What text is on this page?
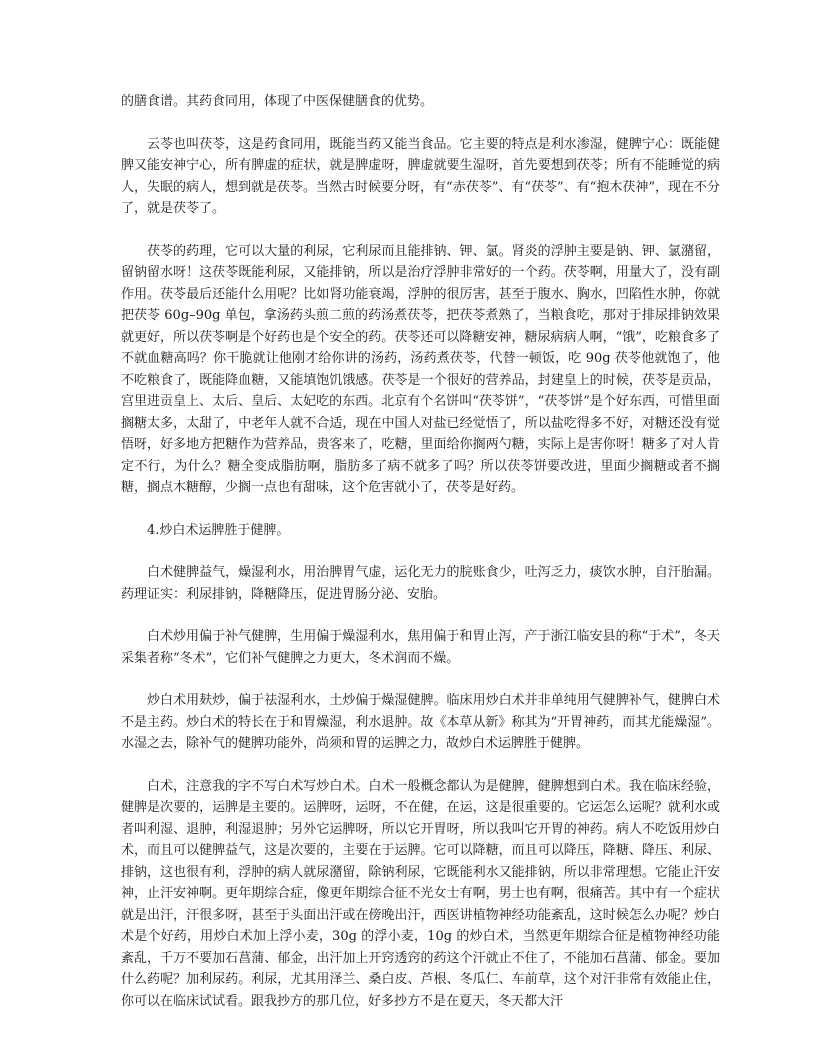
的膳食谱。其药食同用，体现了中医保健膳食的优势。

云苓也叫茯苓，这是药食同用，既能当药又能当食品。它主要的特点是利水渗湿，健脾宁心：既能健脾又能安神宁心，所有脾虚的症状，就是脾虚呀，脾虚就要生湿呀，首先要想到茯苓；所有不能睡觉的病人，失眠的病人，想到就是茯苓。当然古时候要分呀，有“赤茯苓”、有“茯苓”、有“抱木茯神”，现在不分了，就是茯苓了。

茯苓的药理，它可以大量的利尿，它利尿而且能排钠、钾、氯。肾炎的浮肿主要是钠、钾、氯潴留，留钠留水呀！这茯苓既能利尿，又能排钠，所以是治疗浮肿非常好的一个药。茯苓啊，用量大了，没有副作用。茯苓最后还能什么用呢？比如肾功能衰竭，浮肿的很厉害，甚至于腹水、胸水，凹陷性水肿，你就把茯苓 60g–90g 单包，拿汤药头煎二煎的药汤煮茯苓，把茯苓煮熟了，当粮食吃，那对于排尿排钠效果就更好，所以茯苓啊是个好药也是个安全的药。茯苓还可以降糖安神，糖尿病病人啊，“饿”，吃粮食多了不就血糖高吗？你干脆就让他刚才给你讲的汤药，汤药煮茯苓，代替一顿饭，吃 90g 茯苓他就饱了，他不吃粮食了，既能降血糖，又能填饱饥饿感。茯苓是一个很好的营养品，封建皇上的时候，茯苓是贡品，宫里进贡皇上、太后、皇后、太妃吃的东西。北京有个名饼叫“茯苓饼”，“茯苓饼”是个好东西，可惜里面搁糖太多，太甜了，中老年人就不合适，现在中国人对盐已经觉悟了，所以盐吃得多不好，对糖还没有觉悟呀，好多地方把糖作为营养品，贵客来了，吃糖，里面给你搁两勺糖，实际上是害你呀！糖多了对人肯定不行，为什么？糖全变成脂肪啊，脂肪多了病不就多了吗？所以茯苓饼要改进，里面少搁糖或者不搁糖，搁点木糖醇，少搁一点也有甜味，这个危害就小了，茯苓是好药。

4.炒白术运脾胜于健脾。

白术健脾益气，燥湿利水，用治脾胃气虚，运化无力的脘账食少，吐泻乏力，痰饮水肿，自汗胎漏。药理证实：利尿排钠，降糖降压，促进胃肠分泌、安胎。

白术炒用偏于补气健脾，生用偏于燥湿利水，焦用偏于和胃止泻，产于浙江临安县的称“于术”，冬天采集者称“冬术”，它们补气健脾之力更大，冬术润而不燥。

炒白术用麸炒，偏于祛湿利水，土炒偏于燥湿健脾。临床用炒白术并非单纯用气健脾补气，健脾白术不是主药。炒白术的特长在于和胃燥湿，利水退肿。故《本草从新》称其为“开胃神药，而其尤能燥湿”。水湿之去，除补气的健脾功能外，尚须和胃的运脾之力，故炒白术运脾胜于健脾。

白术，注意我的字不写白术写炒白术。白术一般概念都认为是健脾，健脾想到白术。我在临床经验，健脾是次要的，运脾是主要的。运脾呀，运呀，不在健，在运，这是很重要的。它运怎么运呢？就利水或者叫利湿、退肿，利湿退肿；另外它运脾呀，所以它开胃呀，所以我叫它开胃的神药。病人不吃饭用炒白术，而且可以健脾益气，这是次要的，主要在于运脾。它可以降糖，而且可以降压，降糖、降压、利尿、排钠，这也很有利，浮肿的病人就尿潴留，除钠利尿，它既能利水又能排钠，所以非常理想。它能止汗安神，止汗安神啊。更年期综合症，像更年期综合征不光女士有啊，男士也有啊，很痛苦。其中有一个症状就是出汗，汗很多呀，甚至于头面出汗或在傍晚出汗，西医讲植物神经功能紊乱，这时候怎么办呢？炒白术是个好药，用炒白术加上浮小麦，30g 的浮小麦，10g 的炒白术，当然更年期综合征是植物神经功能紊乱，千万不要加石菖蒲、郁金，出汗加上开窍透窍的药这个汗就止不住了，不能加石菖蒲、郁金。要加什么药呢？加利尿药。利尿，尤其用泽兰、桑白皮、芦根、冬瓜仁、车前草，这个对汗非常有效能止住，你可以在临床试试看。跟我抄方的那几位，好多抄方不是在夏天，冬天都大汗
